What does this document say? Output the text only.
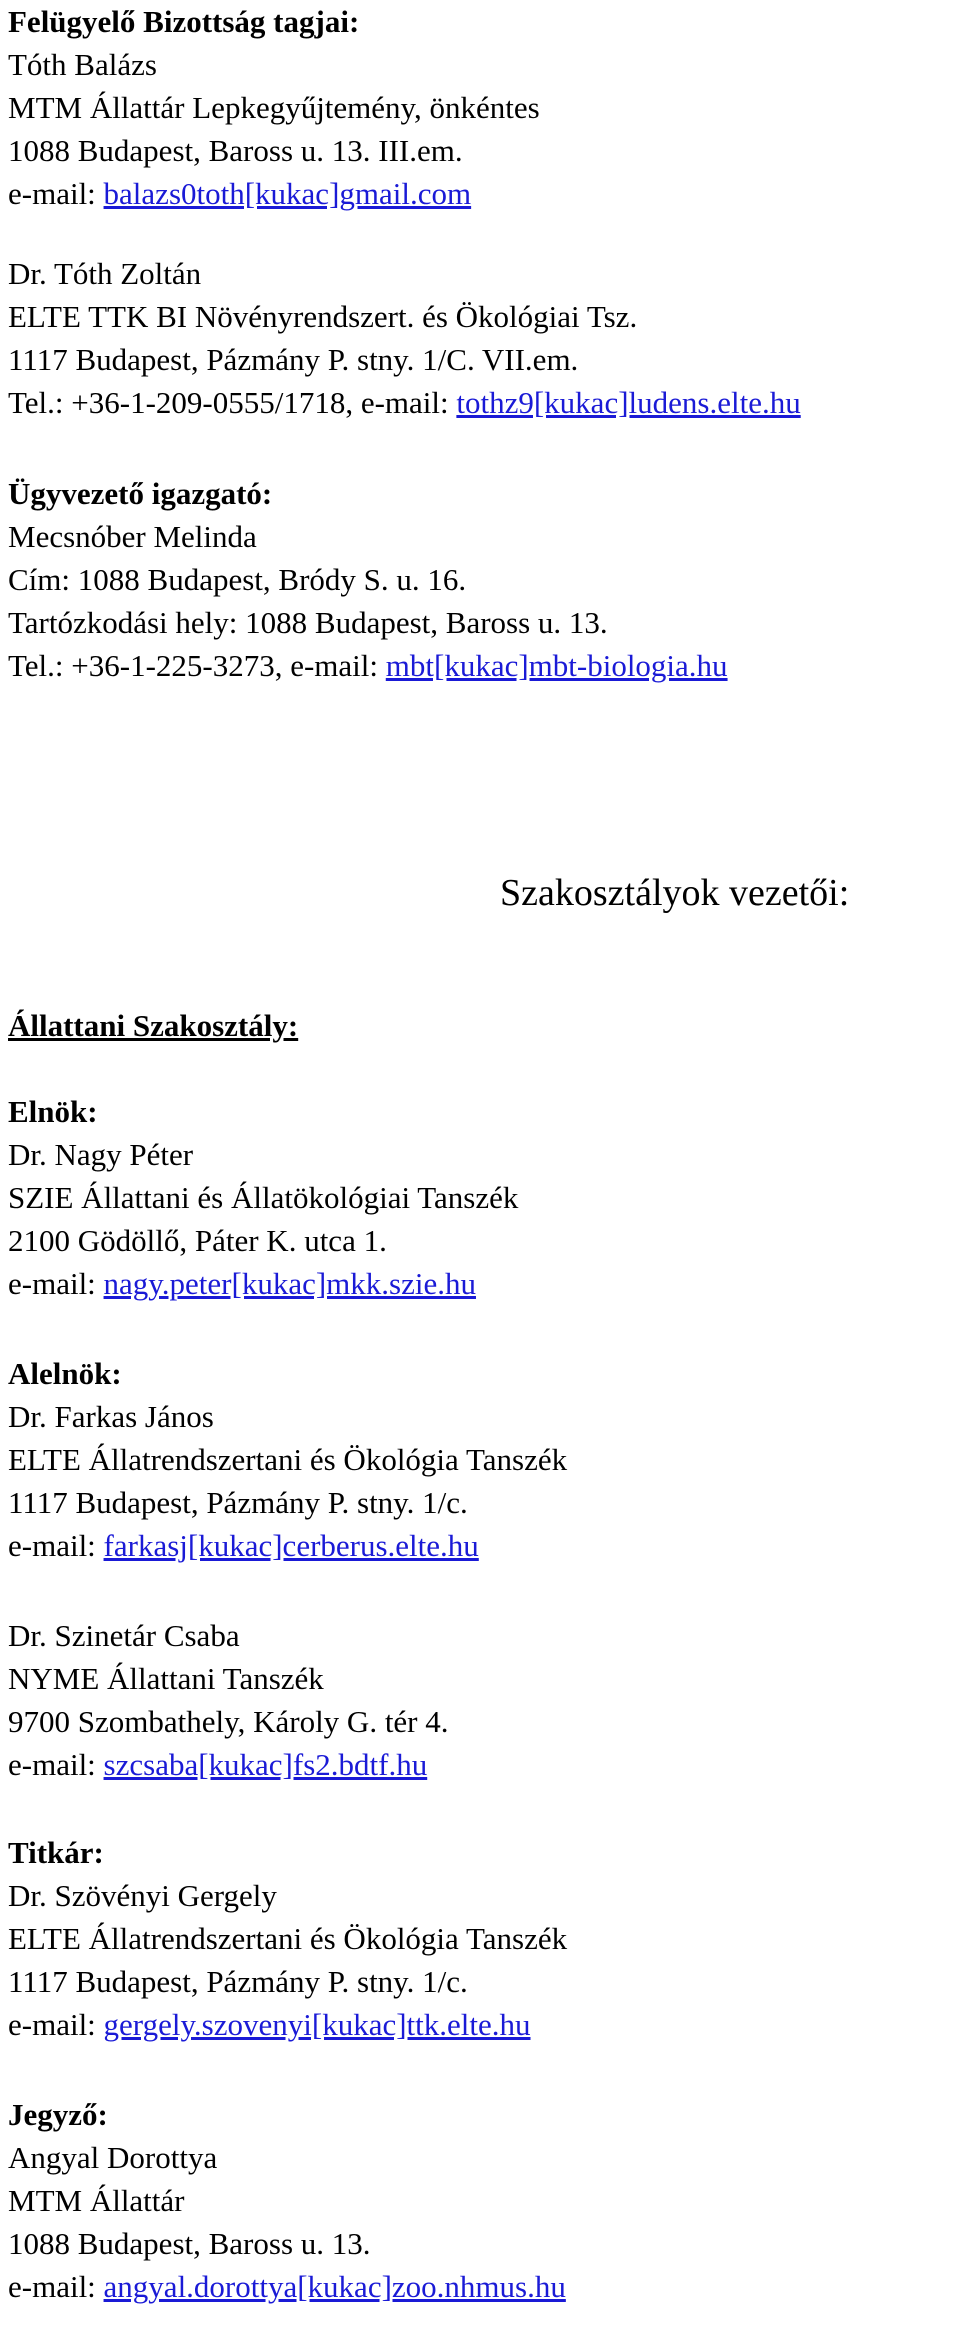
Felügyelő Bizottság tagjai:
Tóth Balázs
MTM Állattár Lepkegyűjtemény, önkéntes
1088 Budapest, Baross u. 13. III.em.
e-mail: balazs0toth[kukac]gmail.com
Dr. Tóth Zoltán
ELTE TTK BI Növényrendszert. és Ökológiai Tsz.
1117 Budapest, Pázmány P. stny. 1/C. VII.em.
Tel.: +36-1-209-0555/1718, e-mail: tothz9[kukac]ludens.elte.hu
Ügyvezető igazgató:
Mecsnóber Melinda
Cím: 1088 Budapest, Bródy S. u. 16.
Tartózkodási hely: 1088 Budapest, Baross u. 13.
Tel.: +36-1-225-3273, e-mail: mbt[kukac]mbt-biologia.hu
Szakosztályok vezetői:
Állattani Szakosztály:
Elnök:
Dr. Nagy Péter
SZIE Állattani és Állatökológiai Tanszék
2100 Gödöllő, Páter K. utca 1.
e-mail: nagy.peter[kukac]mkk.szie.hu
Alelnök:
Dr. Farkas János
ELTE Állatrendszertani és Ökológia Tanszék
1117 Budapest, Pázmány P. stny. 1/c.
e-mail: farkasj[kukac]cerberus.elte.hu
Dr. Szinetár Csaba
NYME Állattani Tanszék
9700 Szombathely, Károly G. tér 4.
e-mail: szcsaba[kukac]fs2.bdtf.hu
Titkár:
Dr. Szövényi Gergely
ELTE Állatrendszertani és Ökológia Tanszék
1117 Budapest, Pázmány P. stny. 1/c.
e-mail: gergely.szovenyi[kukac]ttk.elte.hu
Jegyző:
Angyal Dorottya
MTM Állattár
1088 Budapest, Baross u. 13.
e-mail: angyal.dorottya[kukac]zoo.nhmus.hu
